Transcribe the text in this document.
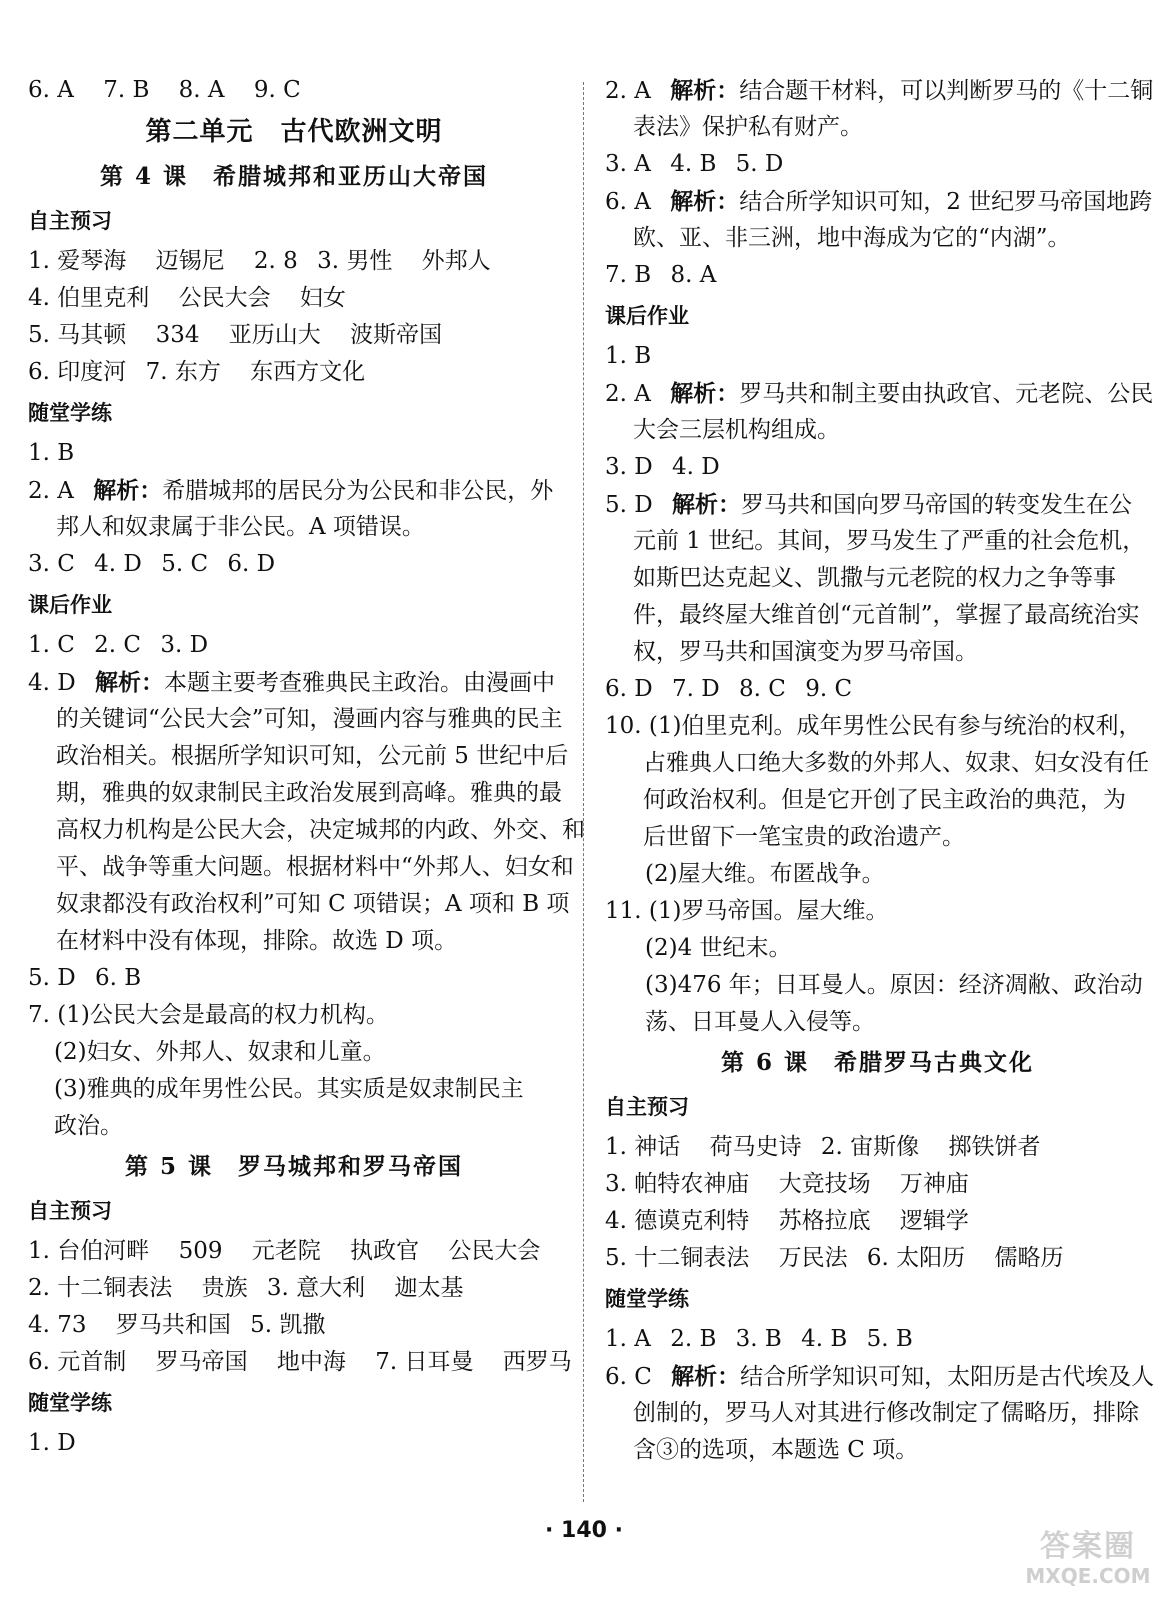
6. A 7. B 8. A 9. C
第二单元　古代欧洲文明
第 4 课　希腊城邦和亚历山大帝国
自主预习
1. 爱琴海 迈锡尼 2. 8 3. 男性 外邦人
4. 伯里克利 公民大会 妇女
5. 马其顿 334 亚历山大 波斯帝国
6. 印度河 7. 东方 东西方文化
随堂学练
1. B
2. A 解析：希腊城邦的居民分为公民和非公民，外
邦人和奴隶属于非公民。A 项错误。
3. C 4. D 5. C 6. D
课后作业
1. C 2. C 3. D
4. D 解析：本题主要考查雅典民主政治。由漫画中
的关键词“公民大会”可知，漫画内容与雅典的民主
政治相关。根据所学知识可知，公元前 5 世纪中后
期，雅典的奴隶制民主政治发展到高峰。雅典的最
高权力机构是公民大会，决定城邦的内政、外交、和
平、战争等重大问题。根据材料中“外邦人、妇女和
奴隶都没有政治权利”可知 C 项错误；A 项和 B 项
在材料中没有体现，排除。故选 D 项。
5. D 6. B
7. (1)公民大会是最高的权力机构。
(2)妇女、外邦人、奴隶和儿童。
(3)雅典的成年男性公民。其实质是奴隶制民主
政治。
第 5 课　罗马城邦和罗马帝国
自主预习
1. 台伯河畔 509 元老院 执政官 公民大会
2. 十二铜表法 贵族 3. 意大利 迦太基
4. 73 罗马共和国 5. 凯撒
6. 元首制 罗马帝国 地中海 7. 日耳曼 西罗马
随堂学练
1. D
2. A 解析：结合题干材料，可以判断罗马的《十二铜
表法》保护私有财产。
3. A 4. B 5. D
6. A 解析：结合所学知识可知，2 世纪罗马帝国地跨
欧、亚、非三洲，地中海成为它的“内湖”。
7. B 8. A
课后作业
1. B
2. A 解析：罗马共和制主要由执政官、元老院、公民
大会三层机构组成。
3. D 4. D
5. D 解析：罗马共和国向罗马帝国的转变发生在公
元前 1 世纪。其间，罗马发生了严重的社会危机，
如斯巴达克起义、凯撒与元老院的权力之争等事
件，最终屋大维首创“元首制”，掌握了最高统治实
权，罗马共和国演变为罗马帝国。
6. D 7. D 8. C 9. C
10. (1)伯里克利。成年男性公民有参与统治的权利，
占雅典人口绝大多数的外邦人、奴隶、妇女没有任
何政治权利。但是它开创了民主政治的典范，为
后世留下一笔宝贵的政治遗产。
(2)屋大维。布匿战争。
11. (1)罗马帝国。屋大维。
(2)4 世纪末。
(3)476 年；日耳曼人。原因：经济凋敝、政治动
荡、日耳曼人入侵等。
第 6 课　希腊罗马古典文化
自主预习
1. 神话 荷马史诗 2. 宙斯像 掷铁饼者
3. 帕特农神庙 大竞技场 万神庙
4. 德谟克利特 苏格拉底 逻辑学
5. 十二铜表法 万民法 6. 太阳历 儒略历
随堂学练
1. A 2. B 3. B 4. B 5. B
6. C 解析：结合所学知识可知，太阳历是古代埃及人
创制的，罗马人对其进行修改制定了儒略历，排除
含③的选项，本题选 C 项。
· 140 ·	答案圈
MXQE.COM
